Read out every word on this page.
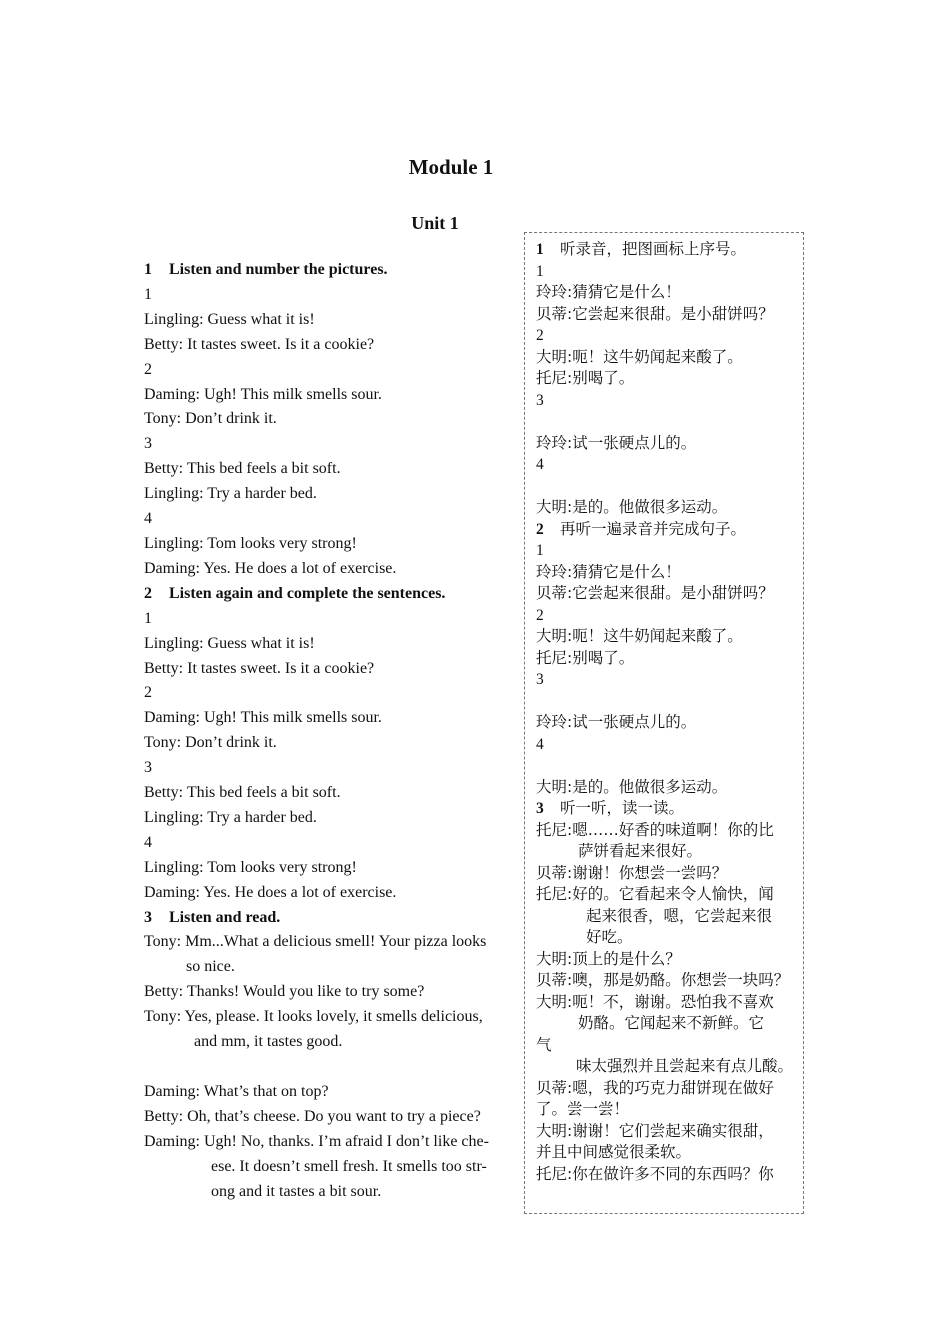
Module 1
Unit 1
1 Listen and number the pictures.
1
Lingling: Guess what it is!
Betty: It tastes sweet. Is it a cookie?
2
Daming: Ugh! This milk smells sour.
Tony: Don’t drink it.
3
Betty: This bed feels a bit soft.
Lingling: Try a harder bed.
4
Lingling: Tom looks very strong!
Daming: Yes. He does a lot of exercise.
2 Listen again and complete the sentences.
1
Lingling: Guess what it is!
Betty: It tastes sweet. Is it a cookie?
2
Daming: Ugh! This milk smells sour.
Tony: Don’t drink it.
3
Betty: This bed feels a bit soft.
Lingling: Try a harder bed.
4
Lingling: Tom looks very strong!
Daming: Yes. He does a lot of exercise.
3 Listen and read.
Tony: Mm...What a delicious smell! Your pizza looks
so nice.
Betty: Thanks! Would you like to try some?
Tony: Yes, please. It looks lovely, it smells delicious,
and mm, it tastes good.
Daming: What’s that on top?
Betty: Oh, that’s cheese. Do you want to try a piece?
Daming: Ugh! No, thanks. I’m afraid I don’t like che-
ese. It doesn’t smell fresh. It smells too str-
ong and it tastes a bit sour.
1 听录音，把图画标上序号。
1
玲玲:猜猜它是什么！
贝蒂:它尝起来很甜。是小甜饼吗？
2
大明:呃！这牛奶闻起来酸了。
托尼:别喝了。
3
玲玲:试一张硬点儿的。
4
大明:是的。他做很多运动。
2 再听一遍录音并完成句子。
1
玲玲:猜猜它是什么！
贝蒂:它尝起来很甜。是小甜饼吗？
2
大明:呃！这牛奶闻起来酸了。
托尼:别喝了。
3
玲玲:试一张硬点儿的。
4
大明:是的。他做很多运动。
3 听一听，读一读。
托尼:嗯……好香的味道啊！你的比
萨饼看起来很好。
贝蒂:谢谢！你想尝一尝吗？
托尼:好的。它看起来令人愉快，闻
起来很香，嗯，它尝起来很
好吃。
大明:顶上的是什么？
贝蒂:噢，那是奶酪。你想尝一块吗？
大明:呃！不，谢谢。恐怕我不喜欢
奶酪。它闻起来不新鲜。它
气
味太强烈并且尝起来有点儿酸。
贝蒂:嗯，我的巧克力甜饼现在做好
了。尝一尝！
大明:谢谢！它们尝起来确实很甜，
并且中间感觉很柔软。
托尼:你在做许多不同的东西吗？你
